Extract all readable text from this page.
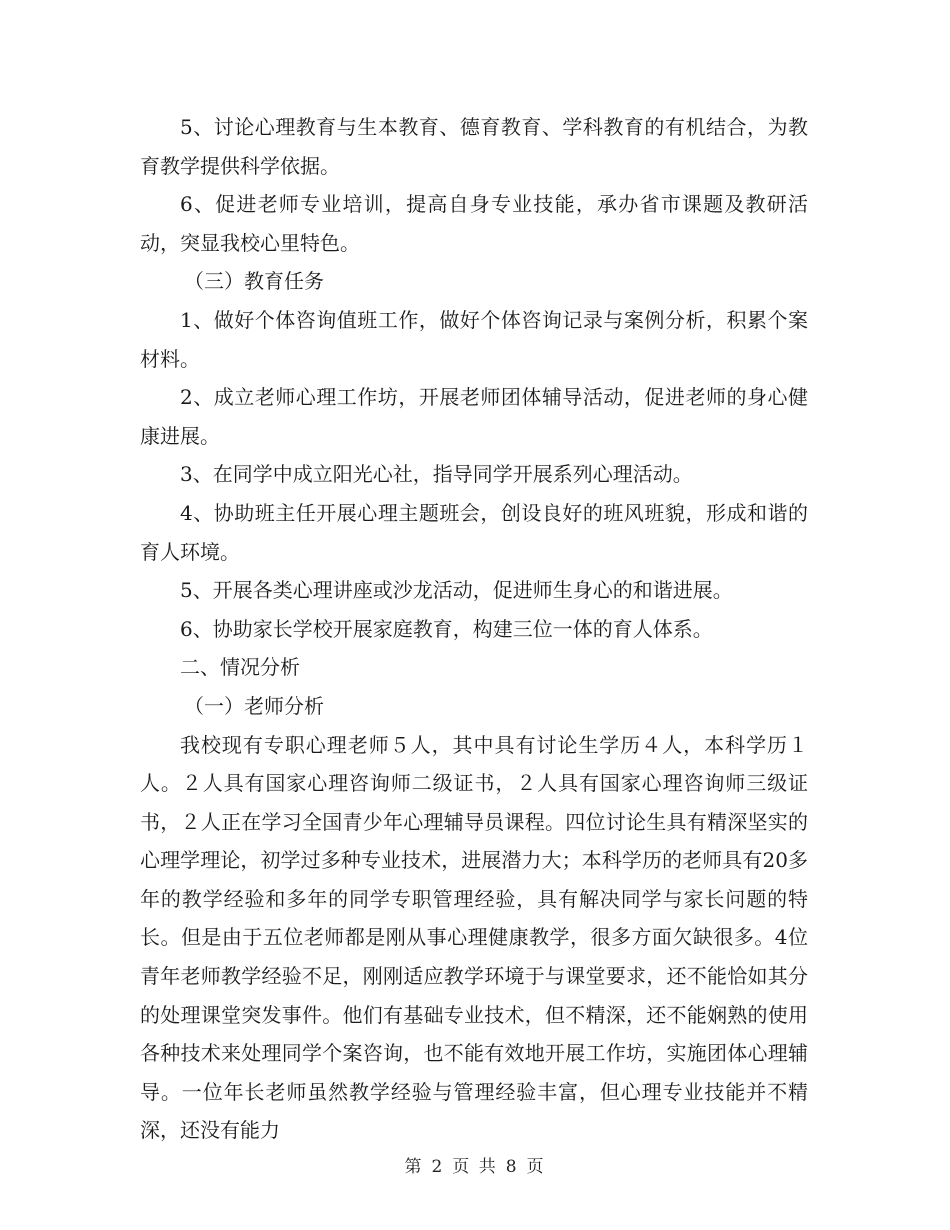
5、讨论心理教育与生本教育、德育教育、学科教育的有机结合，为教育教学提供科学依据。

6、促进老师专业培训，提高自身专业技能，承办省市课题及教研活动，突显我校心里特色。

（三）教育任务

1、做好个体咨询值班工作，做好个体咨询记录与案例分析，积累个案材料。

2、成立老师心理工作坊，开展老师团体辅导活动，促进老师的身心健康进展。

3、在同学中成立阳光心社，指导同学开展系列心理活动。

4、协助班主任开展心理主题班会，创设良好的班风班貌，形成和谐的育人环境。

5、开展各类心理讲座或沙龙活动，促进师生身心的和谐进展。

6、协助家长学校开展家庭教育，构建三位一体的育人体系。

二、情况分析

（一）老师分析

我校现有专职心理老师５人，其中具有讨论生学历４人，本科学历１人。２人具有国家心理咨询师二级证书，２人具有国家心理咨询师三级证书，２人正在学习全国青少年心理辅导员课程。四位讨论生具有精深坚实的心理学理论，初学过多种专业技术，进展潜力大；本科学历的老师具有20多年的教学经验和多年的同学专职管理经验，具有解决同学与家长问题的特长。但是由于五位老师都是刚从事心理健康教学，很多方面欠缺很多。4位青年老师教学经验不足，刚刚适应教学环境于与课堂要求，还不能恰如其分的处理课堂突发事件。他们有基础专业技术，但不精深，还不能娴熟的使用各种技术来处理同学个案咨询，也不能有效地开展工作坊，实施团体心理辅导。一位年长老师虽然教学经验与管理经验丰富，但心理专业技能并不精深，还没有能力

第 2 页 共 8 页
